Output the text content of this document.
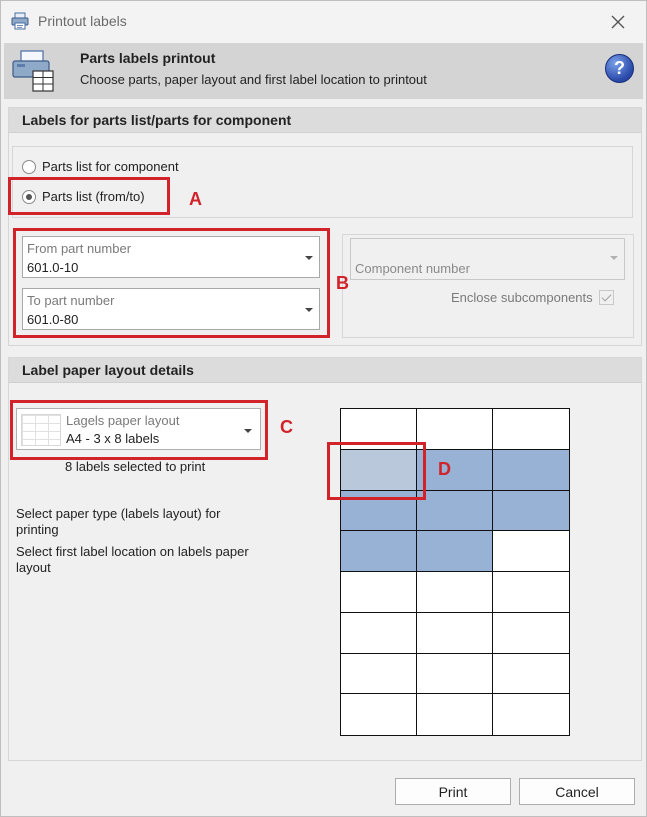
Printout labels
Parts labels printout
Choose parts, paper layout and first label location to printout
?
Labels for parts list/parts for component
Parts list for component
Parts list (from/to)
From part number
601.0-10
To part number
601.0-80
Component number
Enclose subcomponents
Label paper layout details
Lagels paper layout
A4 - 3 x 8 labels
8 labels selected to print
Select paper type (labels layout) for printing
Select first label location on labels paper layout
A
B
C
D
Print	Cancel
